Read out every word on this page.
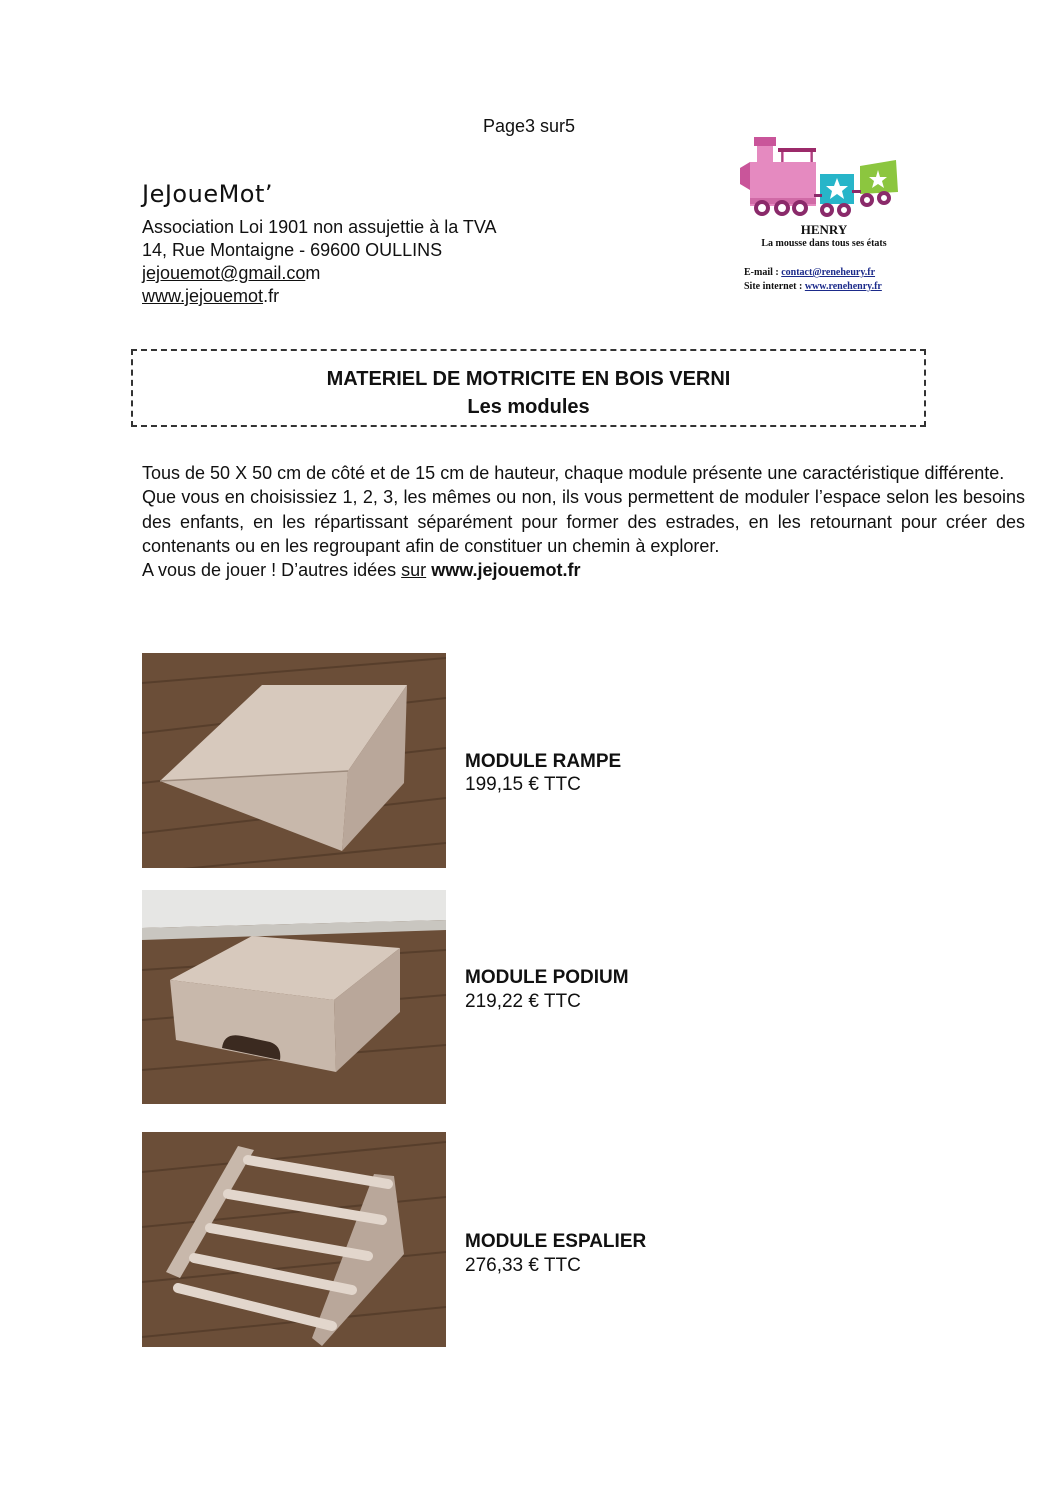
Page3 sur5
JeJoueMot’
Association Loi 1901 non assujettie à la TVA
14, Rue Montaigne - 69600 OULLINS
jejouemot@gmail.com
www.jejouemot.fr
HENRY
La mousse dans tous ses états
E-mail : contact@reneheury.fr
Site internet : www.renehenry.fr
MATERIEL DE MOTRICITE EN BOIS VERNI
Les modules

Tous de 50 X 50 cm de côté et de 15 cm de hauteur, chaque module présente une caractéristique différente.

Que vous en choisissiez 1, 2, 3, les mêmes ou non, ils vous permettent de moduler l’espace selon les besoins des enfants, en les répartissant séparément pour former des estrades, en les retournant pour créer des contenants ou en les regroupant afin de constituer un chemin à explorer.

A vous de jouer ! D’autres idées sur www.jejouemot.fr

MODULE RAMPE
199,15 € TTC
MODULE PODIUM
219,22 € TTC
MODULE ESPALIER
276,33 € TTC
